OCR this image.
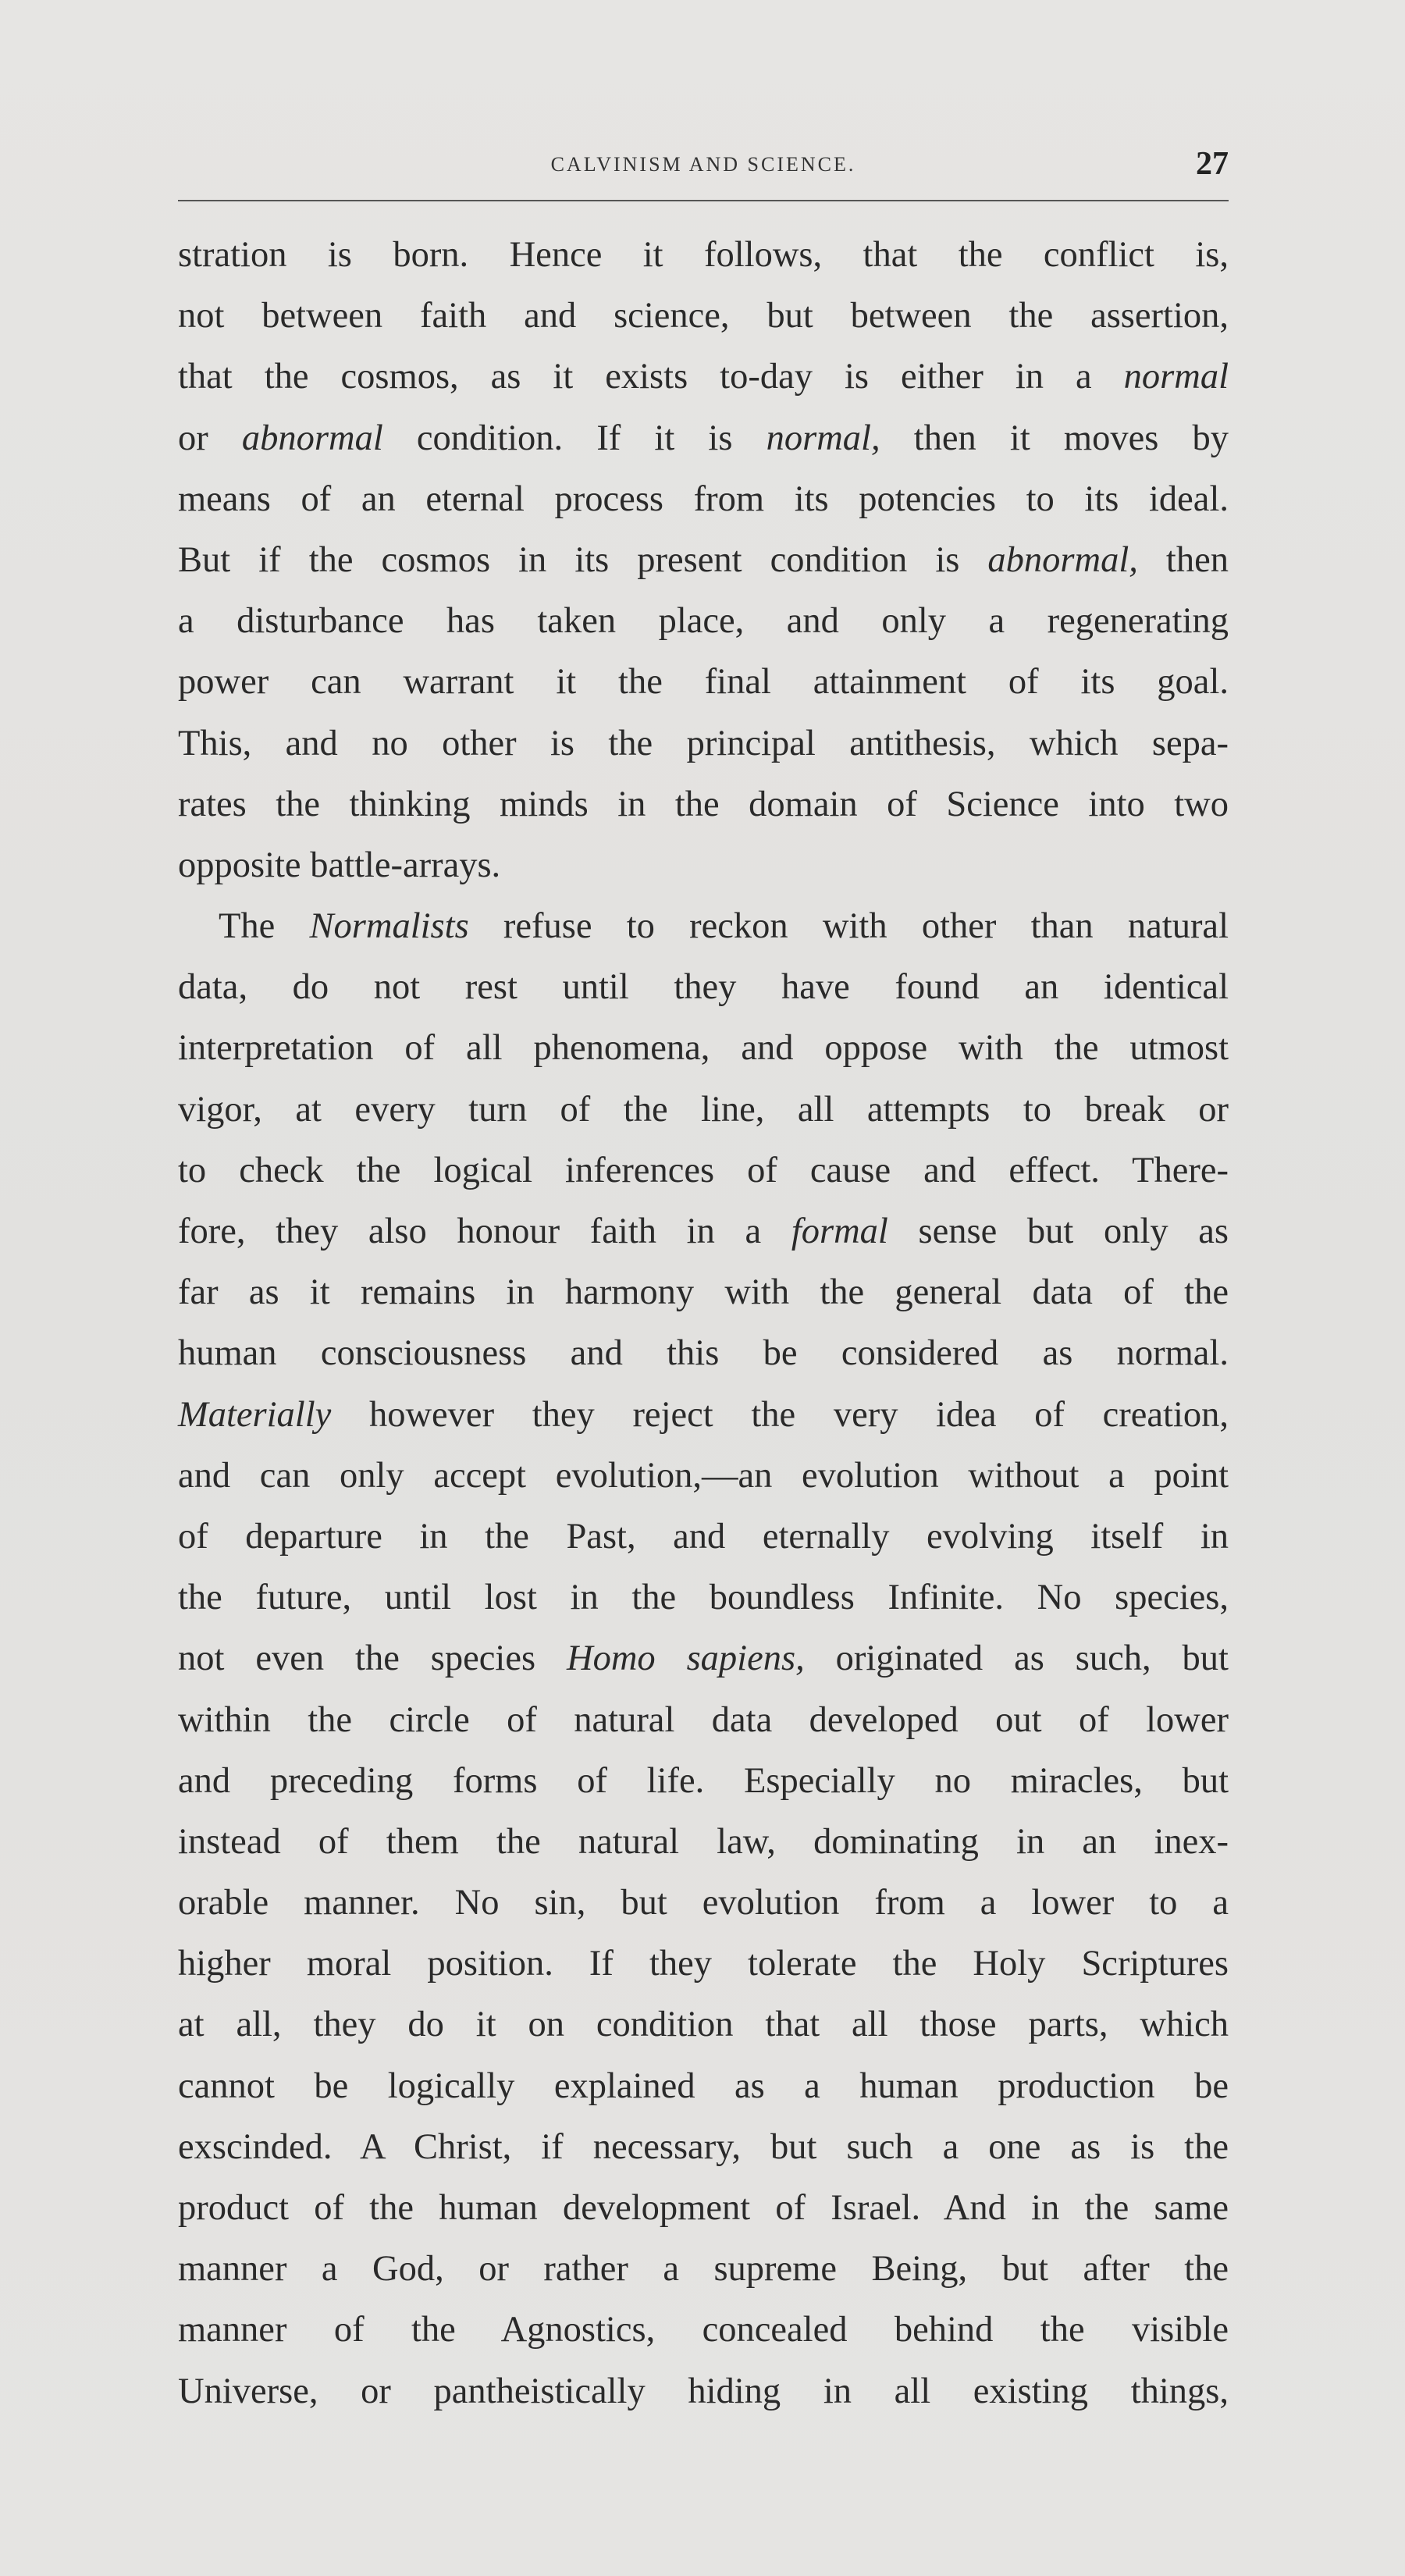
CALVINISM AND SCIENCE.	27
stration is born. Hence it follows, that the conflict is,
not between faith and science, but between the assertion,
that the cosmos, as it exists to-day is either in a normal
or abnormal condition. If it is normal, then it moves by
means of an eternal process from its potencies to its ideal.
But if the cosmos in its present condition is abnormal, then
a disturbance has taken place, and only a regenerating
power can warrant it the final attainment of its goal.
This, and no other is the principal antithesis, which sepa-
rates the thinking minds in the domain of Science into two
opposite battle-arrays.
The Normalists refuse to reckon with other than natural
data, do not rest until they have found an identical
interpretation of all phenomena, and oppose with the utmost
vigor, at every turn of the line, all attempts to break or
to check the logical inferences of cause and effect. There-
fore, they also honour faith in a formal sense but only as
far as it remains in harmony with the general data of the
human consciousness and this be considered as normal.
Materially however they reject the very idea of creation,
and can only accept evolution,—an evolution without a point
of departure in the Past, and eternally evolving itself in
the future, until lost in the boundless Infinite. No species,
not even the species Homo sapiens, originated as such, but
within the circle of natural data developed out of lower
and preceding forms of life. Especially no miracles, but
instead of them the natural law, dominating in an inex-
orable manner. No sin, but evolution from a lower to a
higher moral position. If they tolerate the Holy Scriptures
at all, they do it on condition that all those parts, which
cannot be logically explained as a human production be
exscinded. A Christ, if necessary, but such a one as is the
product of the human development of Israel. And in the same
manner a God, or rather a supreme Being, but after the
manner of the Agnostics, concealed behind the visible
Universe, or pantheistically hiding in all existing things,
